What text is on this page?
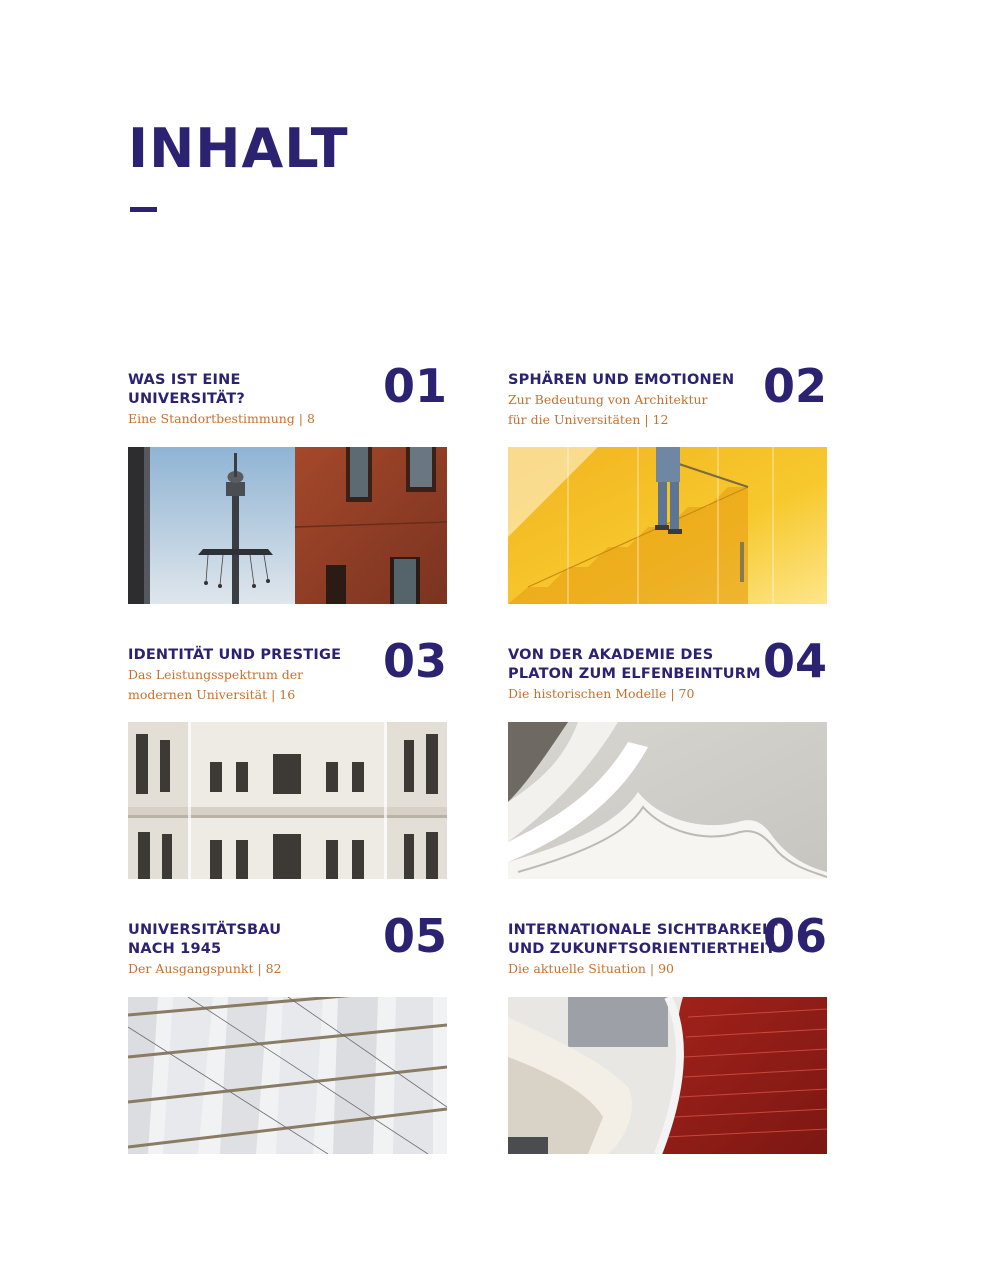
INHALT
WAS IST EINE
UNIVERSITÄT?
Eine Standortbestimmung | 8
01	SPHÄREN UND EMOTIONEN
Zur Bedeutung von Architektur
für die Universitäten | 12
02
IDENTITÄT UND PRESTIGE
Das Leistungsspektrum der
modernen Universität | 16
03	VON DER AKADEMIE DES
PLATON ZUM ELFENBEINTURM
Die historischen Modelle | 70
04
UNIVERSITÄTSBAU
NACH 1945
Der Ausgangspunkt | 82
05	INTERNATIONALE SICHTBARKEIT
UND ZUKUNFTSORIENTIERTHEIT
Die aktuelle Situation | 90
06
